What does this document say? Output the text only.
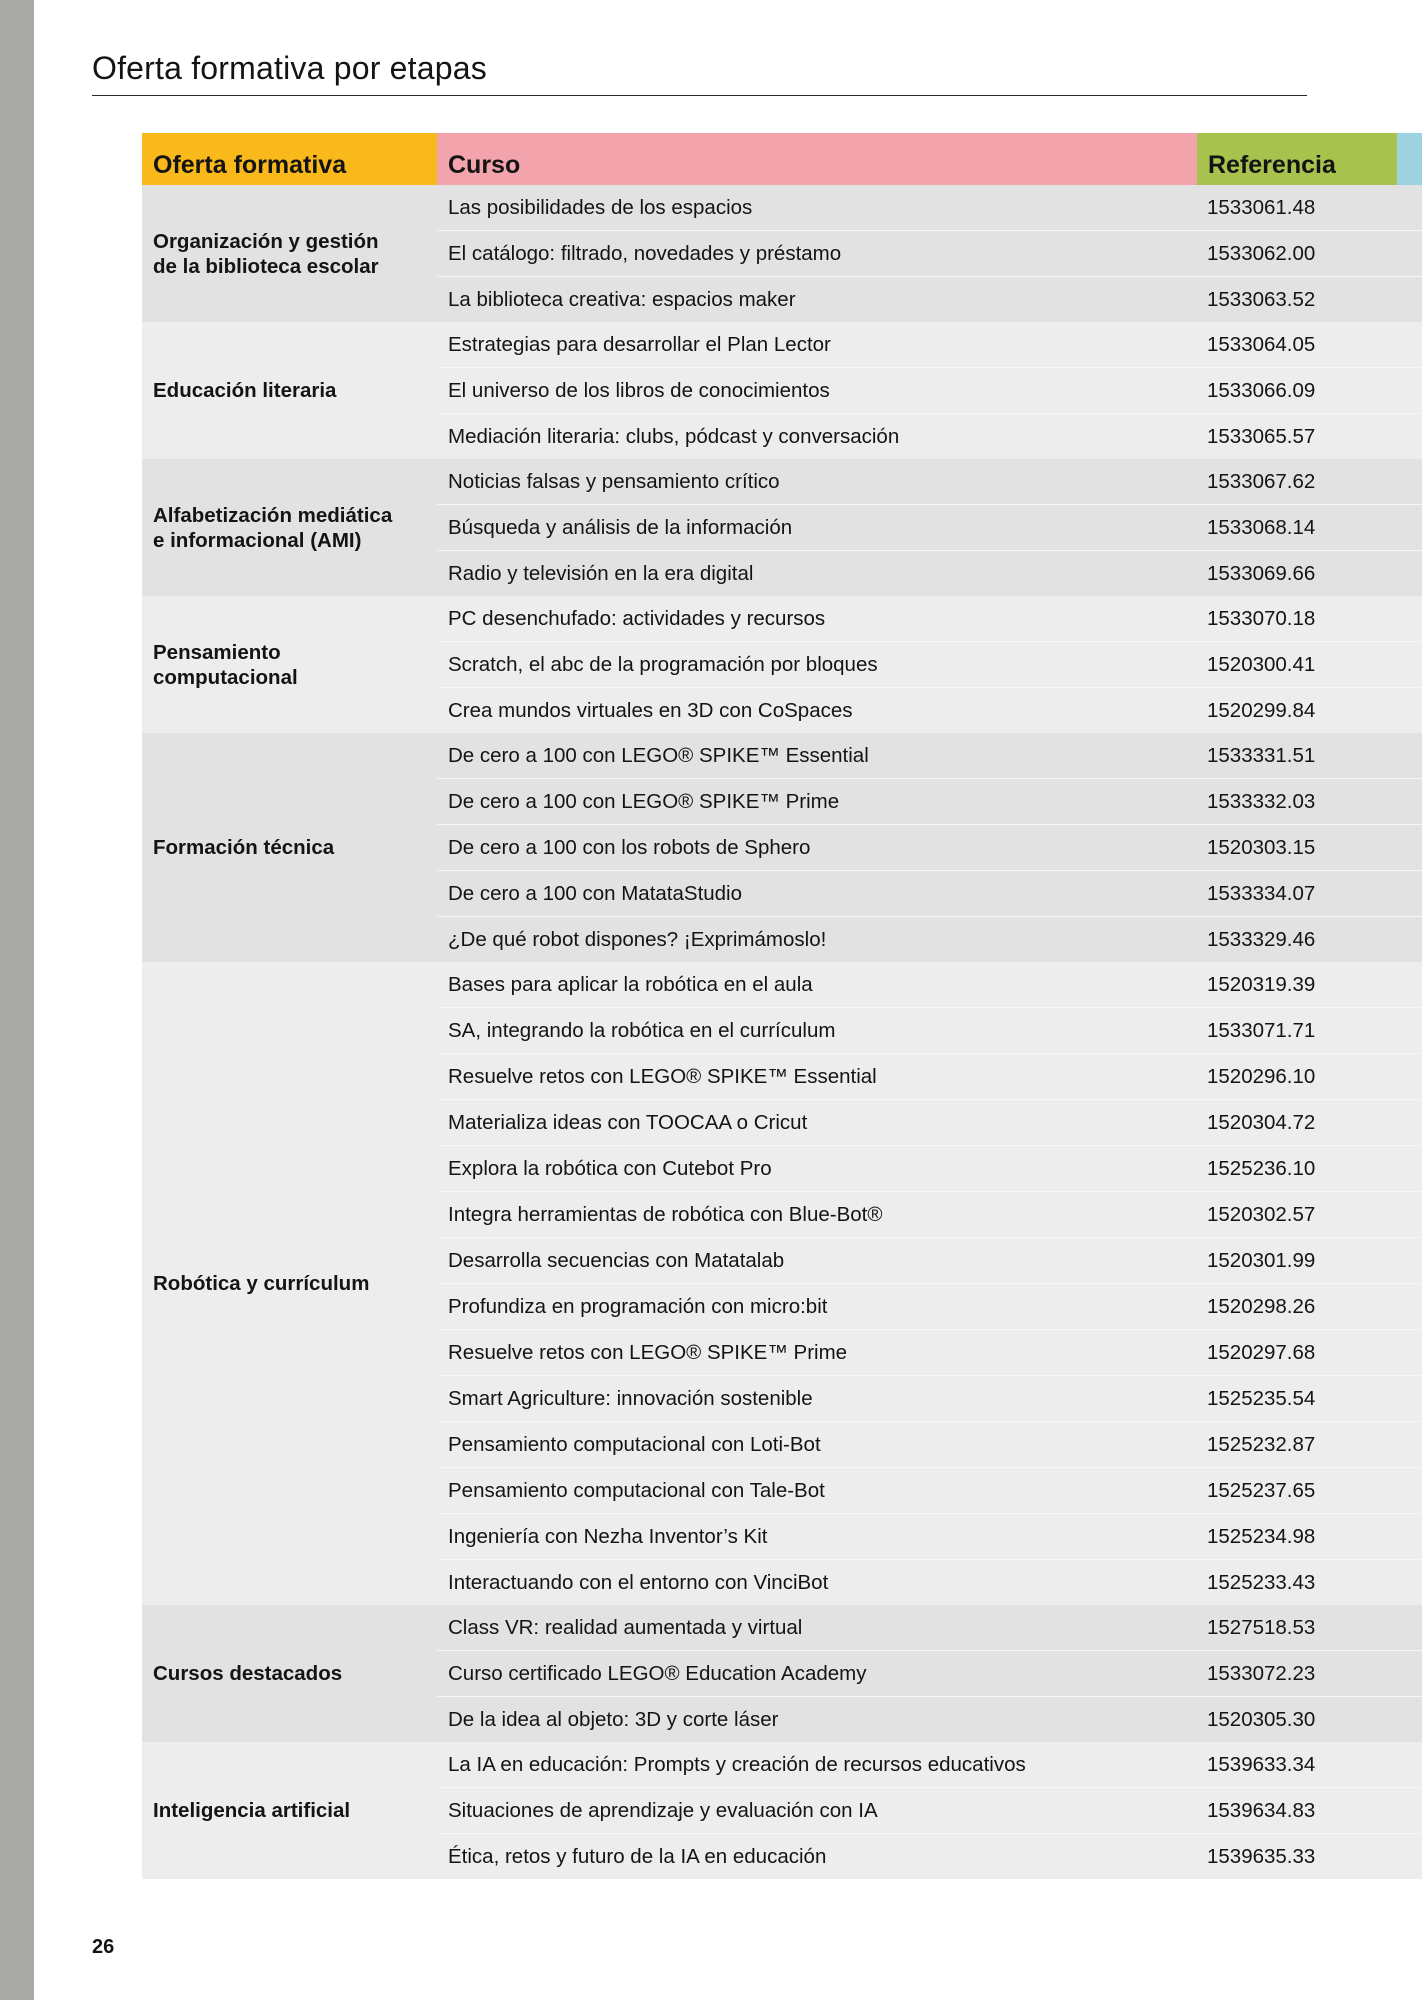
Oferta formativa por etapas
Oferta formativa	Curso	Referencia
Organización y gestión
de la biblioteca escolar
Las posibilidades de los espacios	1533061.48
El catálogo: filtrado, novedades y préstamo	1533062.00
La biblioteca creativa: espacios maker	1533063.52
Educación literaria
Estrategias para desarrollar el Plan Lector	1533064.05
El universo de los libros de conocimientos	1533066.09
Mediación literaria: clubs, pódcast y conversación	1533065.57
Alfabetización mediática
e informacional (AMI)
Noticias falsas y pensamiento crítico	1533067.62
Búsqueda y análisis de la información	1533068.14
Radio y televisión en la era digital	1533069.66
Pensamiento
computacional
PC desenchufado: actividades y recursos	1533070.18
Scratch, el abc de la programación por bloques	1520300.41
Crea mundos virtuales en 3D con CoSpaces	1520299.84
Formación técnica
De cero a 100 con LEGO® SPIKE™ Essential	1533331.51
De cero a 100 con LEGO® SPIKE™ Prime	1533332.03
De cero a 100 con los robots de Sphero	1520303.15
De cero a 100 con MatataStudio	1533334.07
¿De qué robot dispones? ¡Exprimámoslo!	1533329.46
Robótica y currículum
Bases para aplicar la robótica en el aula	1520319.39
SA, integrando la robótica en el currículum	1533071.71
Resuelve retos con LEGO® SPIKE™ Essential	1520296.10
Materializa ideas con TOOCAA o Cricut	1520304.72
Explora la robótica con Cutebot Pro	1525236.10
Integra herramientas de robótica con Blue-Bot®	1520302.57
Desarrolla secuencias con Matatalab	1520301.99
Profundiza en programación con micro:bit	1520298.26
Resuelve retos con LEGO® SPIKE™ Prime	1520297.68
Smart Agriculture: innovación sostenible	1525235.54
Pensamiento computacional con Loti-Bot	1525232.87
Pensamiento computacional con Tale-Bot	1525237.65
Ingeniería con Nezha Inventor’s Kit	1525234.98
Interactuando con el entorno con VinciBot	1525233.43
Cursos destacados
Class VR: realidad aumentada y virtual	1527518.53
Curso certificado LEGO® Education Academy	1533072.23
De la idea al objeto: 3D y corte láser	1520305.30
Inteligencia artificial
La IA en educación: Prompts y creación de recursos educativos	1539633.34
Situaciones de aprendizaje y evaluación con IA	1539634.83
Ética, retos y futuro de la IA en educación	1539635.33
26
